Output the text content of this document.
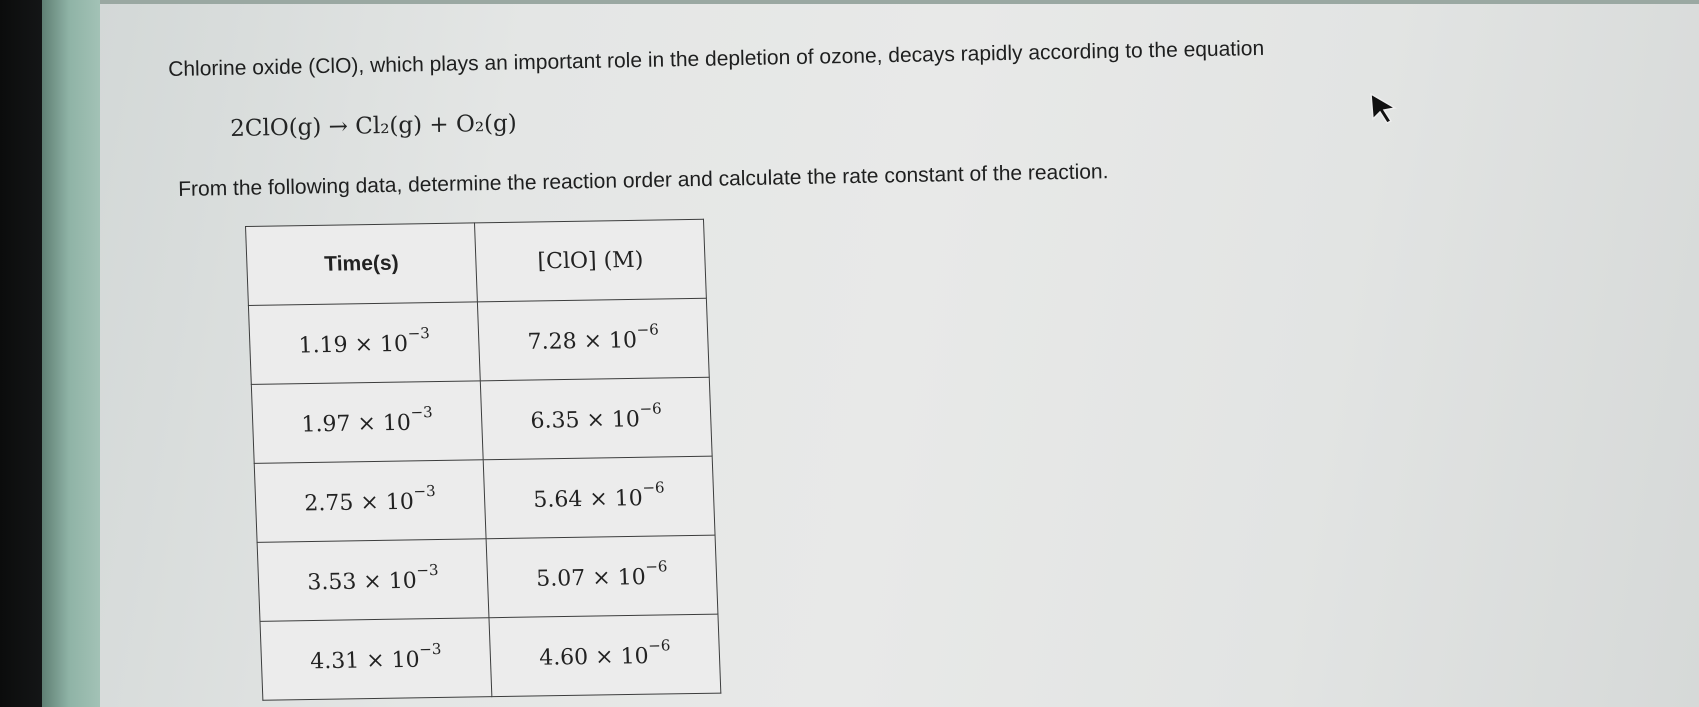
Chlorine oxide (ClO), which plays an important role in the depletion of ozone, decays rapidly according to the equation
2ClO(g) → Cl₂(g) + O₂(g)
From the following data, determine the reaction order and calculate the rate constant of the reaction.
Time(s)	[ClO] (M)
$1.19 \times 10^{-3}$	$7.28 \times 10^{-6}$
$1.97 \times 10^{-3}$	$6.35 \times 10^{-6}$
$2.75 \times 10^{-3}$	$5.64 \times 10^{-6}$
$3.53 \times 10^{-3}$	$5.07 \times 10^{-6}$
$4.31 \times 10^{-3}$	$4.60 \times 10^{-6}$
